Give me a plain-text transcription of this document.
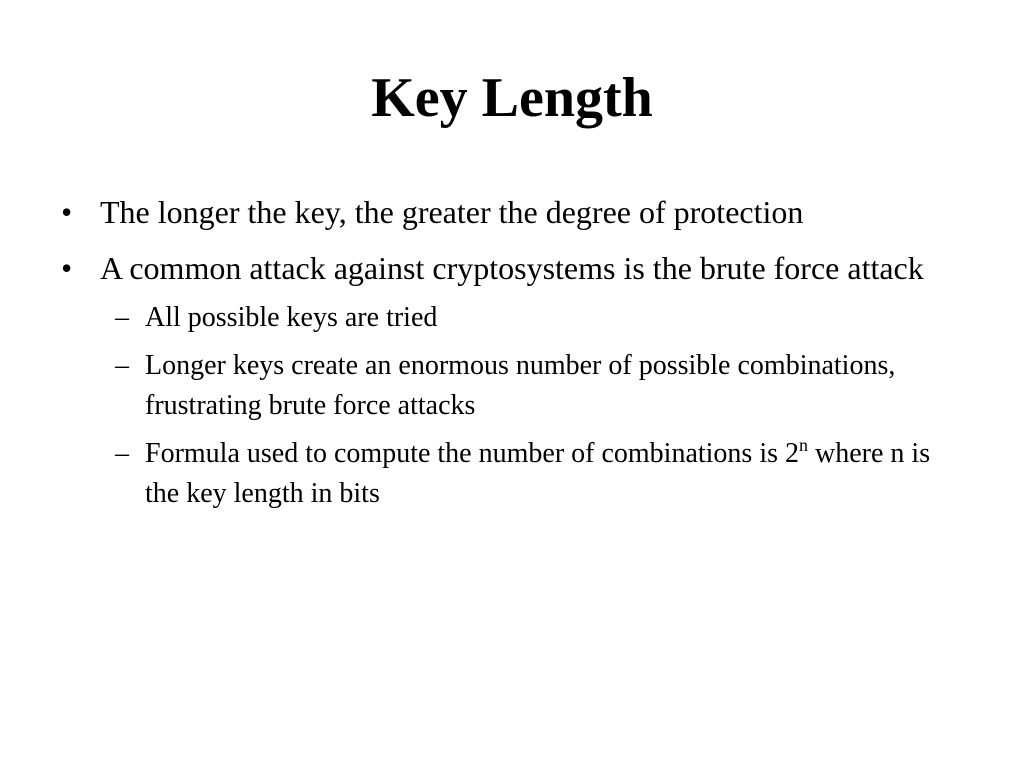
Key Length
• The longer the key, the greater the degree of protection
• A common attack against cryptosystems is the brute force attack
– All possible keys are tried
– Longer keys create an enormous number of possible combinations, frustrating brute force attacks
– Formula used to compute the number of combinations is 2$^n$ where n is the key length in bits
